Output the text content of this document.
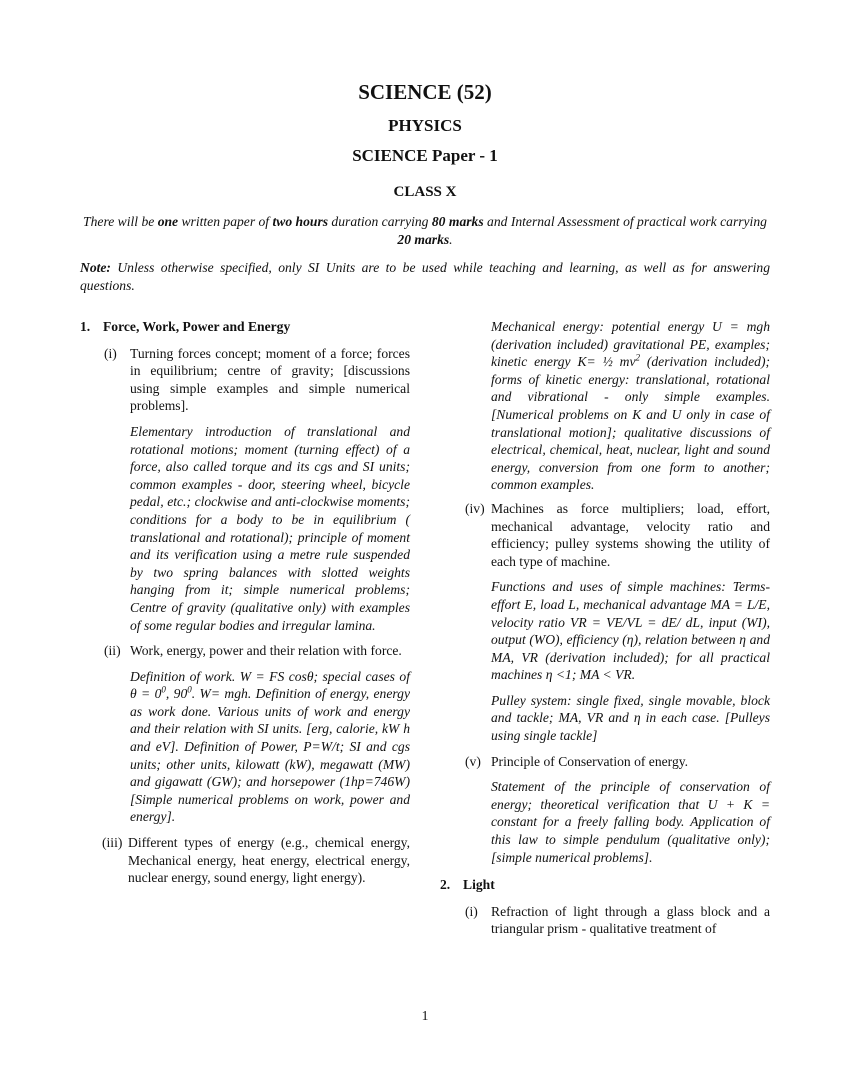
SCIENCE (52)
PHYSICS
SCIENCE Paper - 1
CLASS X
There will be one written paper of two hours duration carrying 80 marks and Internal Assessment of practical work carrying 20 marks.
Note: Unless otherwise specified, only SI Units are to be used while teaching and learning, as well as for answering questions.
1. Force, Work, Power and Energy
(i) Turning forces concept; moment of a force; forces in equilibrium; centre of gravity; [discussions using simple examples and simple numerical problems].

Elementary introduction of translational and rotational motions; moment (turning effect) of a force, also called torque and its cgs and SI units; common examples - door, steering wheel, bicycle pedal, etc.; clockwise and anti-clockwise moments; conditions for a body to be in equilibrium ( translational and rotational); principle of moment and its verification using a metre rule suspended by two spring balances with slotted weights hanging from it; simple numerical problems; Centre of gravity (qualitative only) with examples of some regular bodies and irregular lamina.

(ii) Work, energy, power and their relation with force.

Definition of work. W = FS cosθ; special cases of $\theta = 0^0$, $90^0$. W= mgh. Definition of energy, energy as work done. Various units of work and energy and their relation with SI units. [erg, calorie, kW h and eV]. Definition of Power, P=W/t; SI and cgs units; other units, kilowatt (kW), megawatt (MW) and gigawatt (GW); and horsepower (1hp=746W) [Simple numerical problems on work, power and energy].

(iii) Different types of energy (e.g., chemical energy, Mechanical energy, heat energy, electrical energy, nuclear energy, sound energy, light energy).

Mechanical energy: potential energy U = mgh (derivation included) gravitational PE, examples; kinetic energy K= ½ $mv^2$ (derivation included); forms of kinetic energy: translational, rotational and vibrational - only simple examples. [Numerical problems on K and U only in case of translational motion]; qualitative discussions of electrical, chemical, heat, nuclear, light and sound energy, conversion from one form to another; common examples.

(iv) Machines as force multipliers; load, effort, mechanical advantage, velocity ratio and efficiency; pulley systems showing the utility of each type of machine.

Functions and uses of simple machines: Terms- effort E, load L, mechanical advantage MA = L/E, velocity ratio VR = VE/VL = dE/ dL, input (WI), output (WO), efficiency (η), relation between η and MA, VR (derivation included); for all practical machines η <1; MA < VR.

Pulley system: single fixed, single movable, block and tackle; MA, VR and η in each case. [Pulleys using single tackle]

(v) Principle of Conservation of energy.

Statement of the principle of conservation of energy; theoretical verification that U + K = constant for a freely falling body. Application of this law to simple pendulum (qualitative only); [simple numerical problems].

2. Light
(i) Refraction of light through a glass block and a triangular prism - qualitative treatment of

1
